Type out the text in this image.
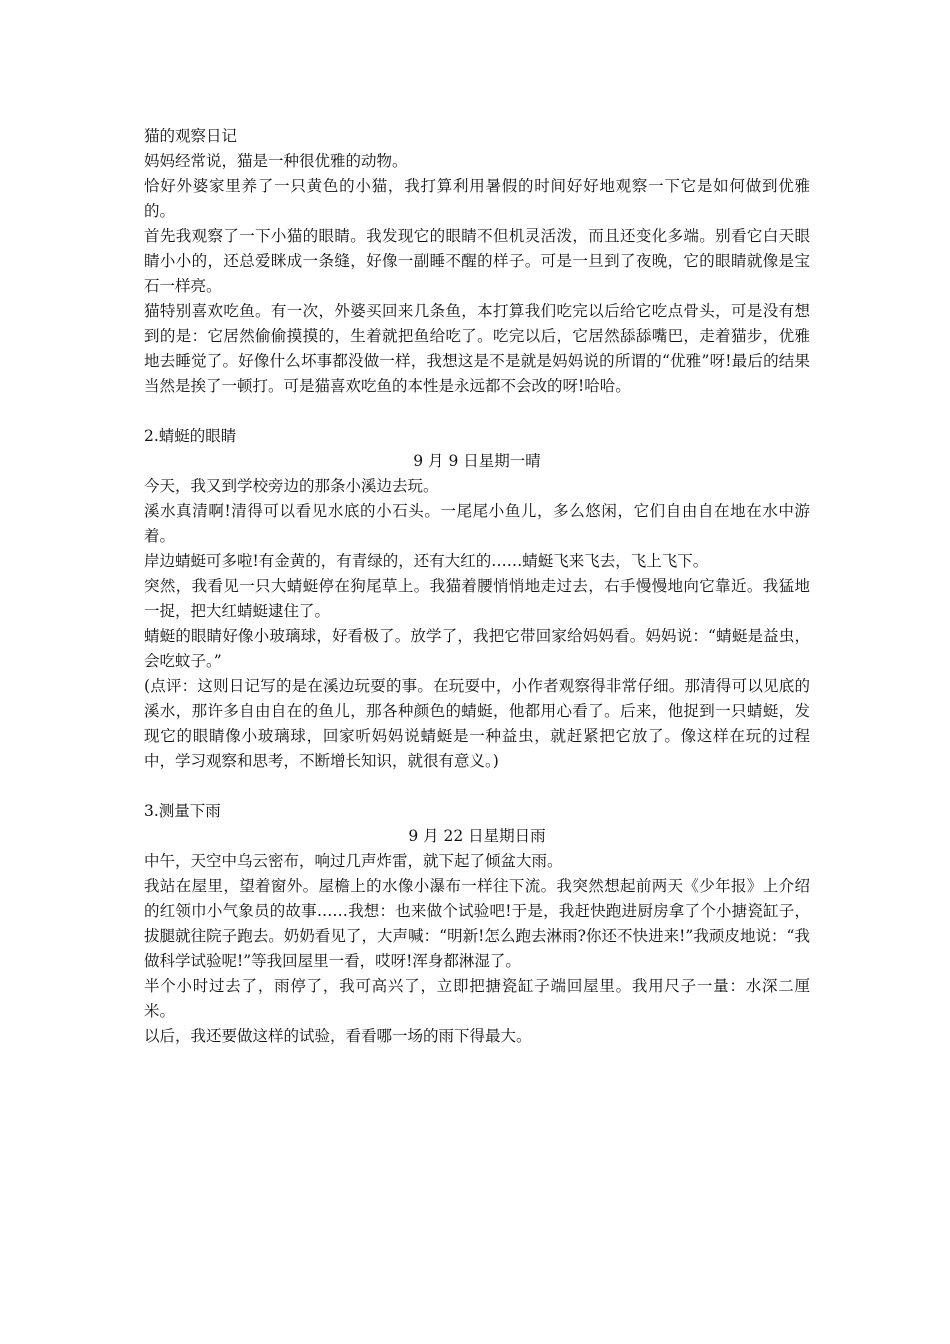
猫的观察日记

妈妈经常说，猫是一种很优雅的动物。

恰好外婆家里养了一只黄色的小猫，我打算利用暑假的时间好好地观察一下它是如何做到优雅的。

首先我观察了一下小猫的眼睛。我发现它的眼睛不但机灵活泼，而且还变化多端。别看它白天眼睛小小的，还总爱眯成一条缝，好像一副睡不醒的样子。可是一旦到了夜晚，它的眼睛就像是宝石一样亮。

猫特别喜欢吃鱼。有一次，外婆买回来几条鱼，本打算我们吃完以后给它吃点骨头，可是没有想到的是：它居然偷偷摸摸的，生着就把鱼给吃了。吃完以后，它居然舔舔嘴巴，走着猫步，优雅地去睡觉了。好像什么坏事都没做一样，我想这是不是就是妈妈说的所谓的“优雅”呀!最后的结果当然是挨了一顿打。可是猫喜欢吃鱼的本性是永远都不会改的呀!哈哈。

2.蜻蜓的眼睛

9 月 9 日星期一晴

今天，我又到学校旁边的那条小溪边去玩。

溪水真清啊!清得可以看见水底的小石头。一尾尾小鱼儿，多么悠闲，它们自由自在地在水中游着。

岸边蜻蜓可多啦!有金黄的，有青绿的，还有大红的……蜻蜓飞来飞去，飞上飞下。

突然，我看见一只大蜻蜓停在狗尾草上。我猫着腰悄悄地走过去，右手慢慢地向它靠近。我猛地一捉，把大红蜻蜓逮住了。

蜻蜓的眼睛好像小玻璃球，好看极了。放学了，我把它带回家给妈妈看。妈妈说：“蜻蜓是益虫，会吃蚊子。”

(点评：这则日记写的是在溪边玩耍的事。在玩耍中，小作者观察得非常仔细。那清得可以见底的溪水，那许多自由自在的鱼儿，那各种颜色的蜻蜓，他都用心看了。后来，他捉到一只蜻蜓，发现它的眼睛像小玻璃球，回家听妈妈说蜻蜓是一种益虫，就赶紧把它放了。像这样在玩的过程中，学习观察和思考，不断增长知识，就很有意义。)

3.测量下雨

9 月 22 日星期日雨

中午，天空中乌云密布，响过几声炸雷，就下起了倾盆大雨。

我站在屋里，望着窗外。屋檐上的水像小瀑布一样往下流。我突然想起前两天《少年报》上介绍的红领巾小气象员的故事……我想：也来做个试验吧!于是，我赶快跑进厨房拿了个小搪瓷缸子，拔腿就往院子跑去。奶奶看见了，大声喊：“明新!怎么跑去淋雨?你还不快进来!”我顽皮地说：“我做科学试验呢!”等我回屋里一看，哎呀!浑身都淋湿了。

半个小时过去了，雨停了，我可高兴了，立即把搪瓷缸子端回屋里。我用尺子一量：水深二厘米。

以后，我还要做这样的试验，看看哪一场的雨下得最大。
